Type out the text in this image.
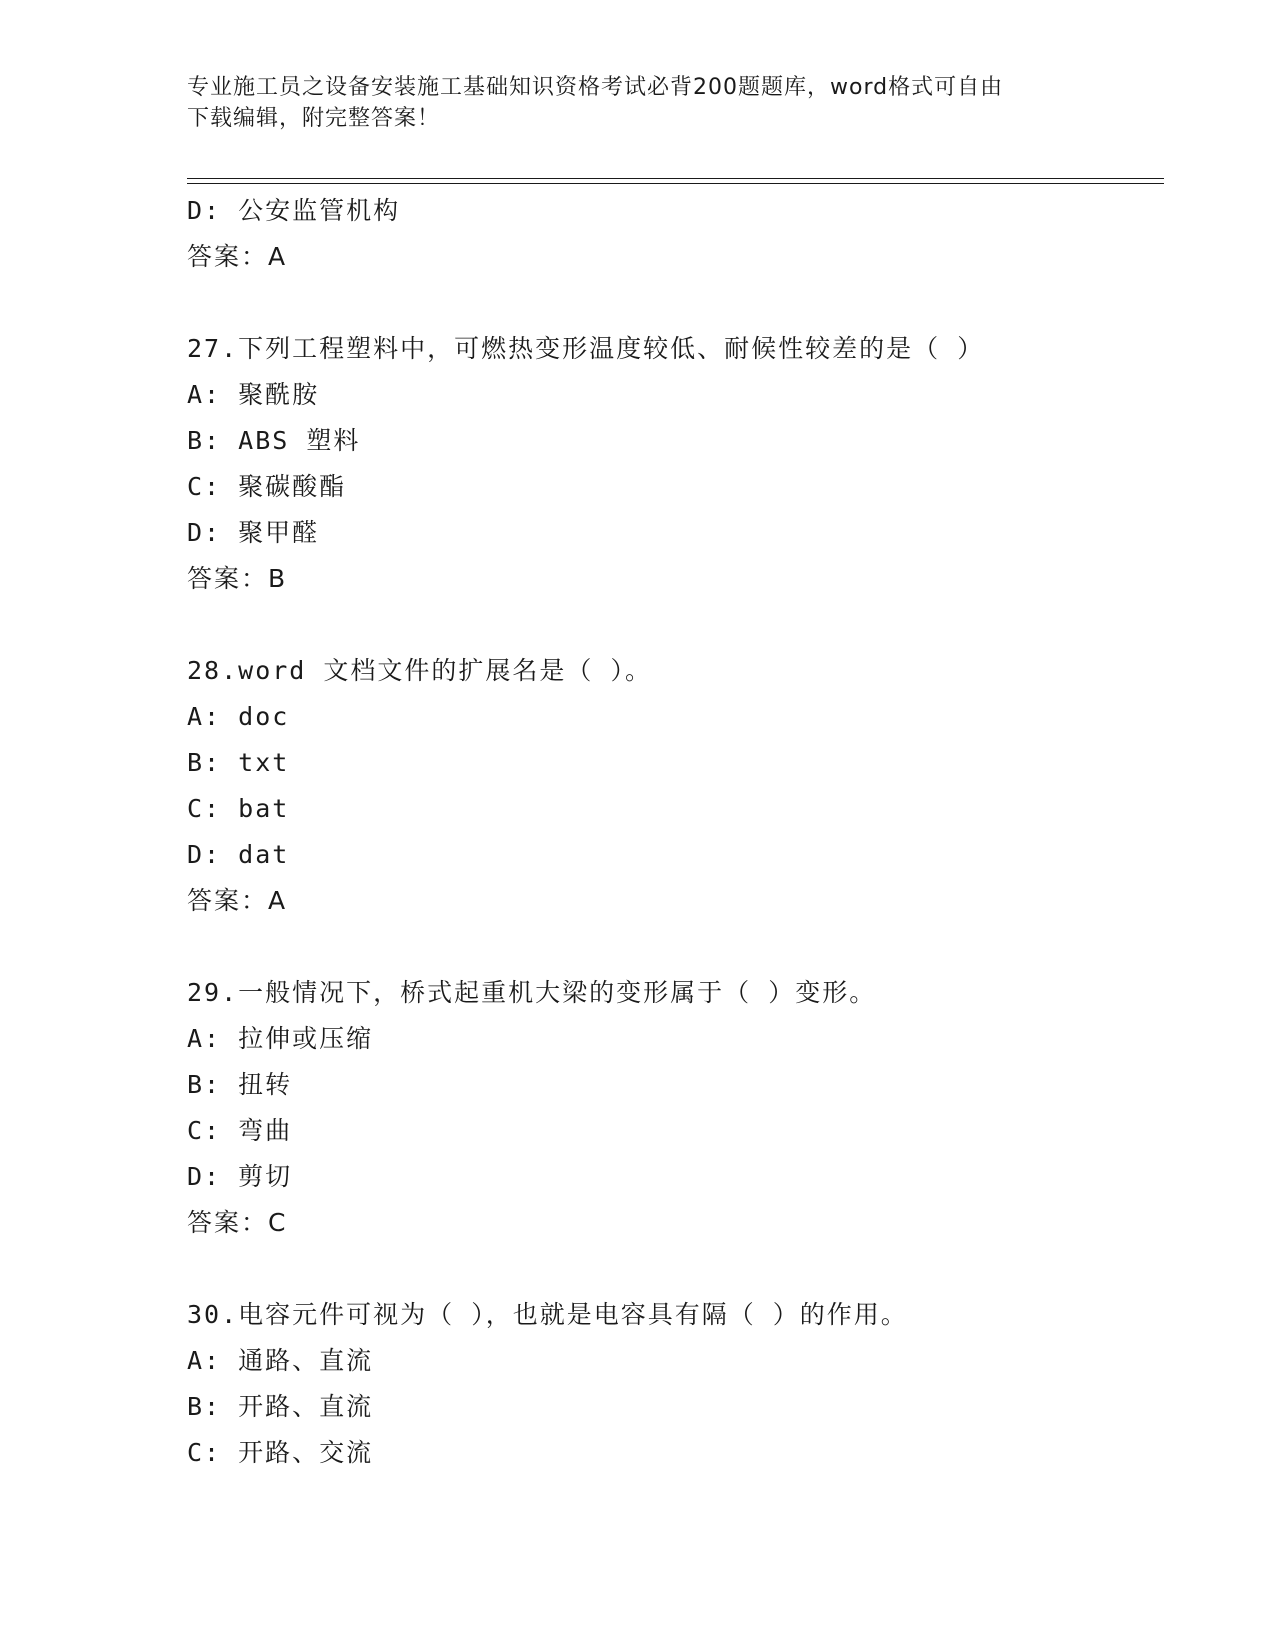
专业施工员之设备安装施工基础知识资格考试必背200题题库，word格式可自由
下载编辑，附完整答案！
D: 公安监管机构
答案：A
27.下列工程塑料中，可燃热变形温度较低、耐候性较差的是（ ）
A: 聚酰胺
B: ABS 塑料
C: 聚碳酸酯
D: 聚甲醛
答案：B
28.word 文档文件的扩展名是（ ）。
A: doc
B: txt
C: bat
D: dat
答案：A
29.一般情况下，桥式起重机大梁的变形属于（ ）变形。
A: 拉伸或压缩
B: 扭转
C: 弯曲
D: 剪切
答案：C
30.电容元件可视为（ ），也就是电容具有隔（ ）的作用。
A: 通路、直流
B: 开路、直流
C: 开路、交流
